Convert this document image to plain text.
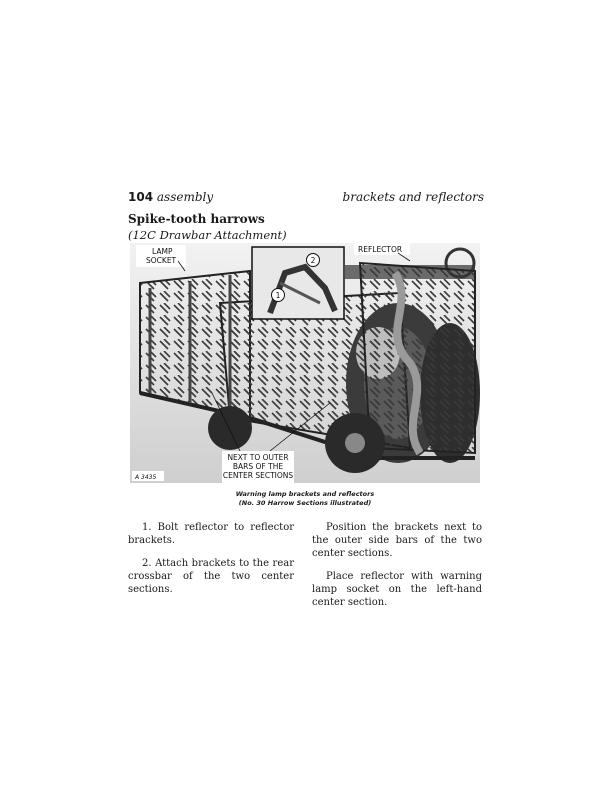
104 assembly	brackets and reflectors
Spike-tooth harrows
(12C Drawbar Attachment)
2
1
LAMP
SOCKET
REFLECTOR
NEXT TO OUTER
BARS OF THE
CENTER SECTIONS
A 3435
Warning lamp brackets and reflectors
(No. 30 Harrow Sections illustrated)

1. Bolt reflector to reflector brackets.

2. Attach brackets to the rear crossbar of the two center sections.

Position the brackets next to the outer side bars of the two center sections.

Place reflector with warning lamp socket on the left-hand center section.
